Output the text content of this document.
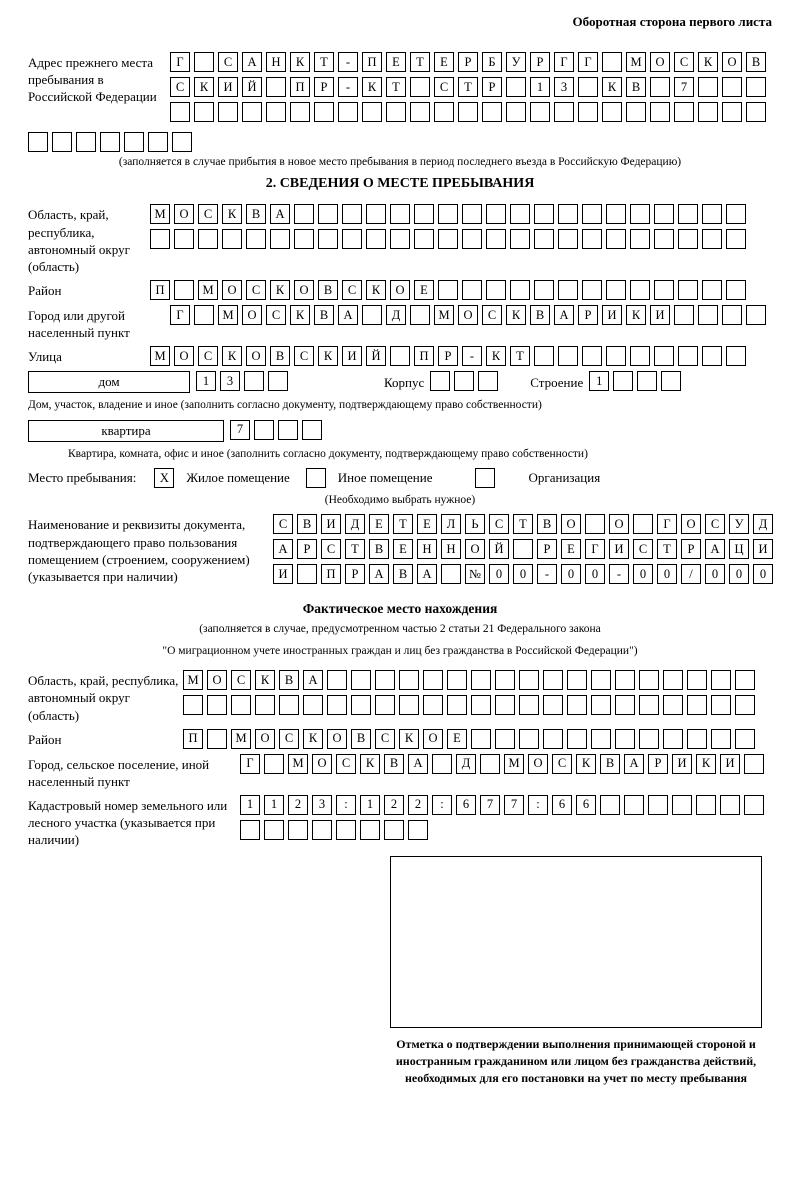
Оборотная сторона первого листа
Адрес прежнего места пребывания в Российской Федерации
Г	С	А	Н	К	Т	-	П	Е	Т	Е	Р	Б	У	Р	Г	Г	М	О	С	К	О	В
С	К	И	Й	П	Р	-	К	Т	С	Т	Р	1	3	К	В	7
(заполняется в случае прибытия в новое место пребывания в период последнего въезда в Российскую Федерацию)
2. СВЕДЕНИЯ О МЕСТЕ ПРЕБЫВАНИЯ
Область, край, республика, автономный округ (область)
М	О	С	К	В	А
Район	П	М	О	С	К	О	В	С	К	О	Е
Город или другой населенный пункт
Г	М	О	С	К	В	А	Д	М	О	С	К	В	А	Р	И	К	И
Улица	М	О	С	К	О	В	С	К	И	Й	П	Р	-	К	Т
дом	1	3	Корпус	Строение	1
Дом, участок, владение и иное (заполнить согласно документу, подтверждающему право собственности)
квартира	7
Квартира, комната, офис и иное (заполнить согласно документу, подтверждающему право собственности)
Место пребывания:	X	Жилое помещение	Иное помещение	Организация
(Необходимо выбрать нужное)
Наименование и реквизиты документа, подтверждающего право пользования помещением (строением, сооружением) (указывается при наличии)
С	В	И	Д	Е	Т	Е	Л	Ь	С	Т	В	О	О	Г	О	С	У	Д
А	Р	С	Т	В	Е	Н	Н	О	Й	Р	Е	Г	И	С	Т	Р	А	Ц	И
И	П	Р	А	В	А	№	0	0	-	0	0	-	0	0	/	0	0	0
Фактическое место нахождения
(заполняется в случае, предусмотренном частью 2 статьи 21 Федерального закона
"О миграционном учете иностранных граждан и лиц без гражданства в Российской Федерации")
Область, край, республика, автономный округ (область)
М	О	С	К	В	А
Район	П	М	О	С	К	О	В	С	К	О	Е
Город, сельское поселение, иной населенный пункт
Г	М	О	С	К	В	А	Д	М	О	С	К	В	А	Р	И	К	И
Кадастровый номер земельного или лесного участка (указывается при наличии)
1	1	2	3	:	1	2	2	:	6	7	7	:	6	6
Отметка о подтверждении выполнения принимающей стороной и иностранным гражданином или лицом без гражданства действий, необходимых для его постановки на учет по месту пребывания
